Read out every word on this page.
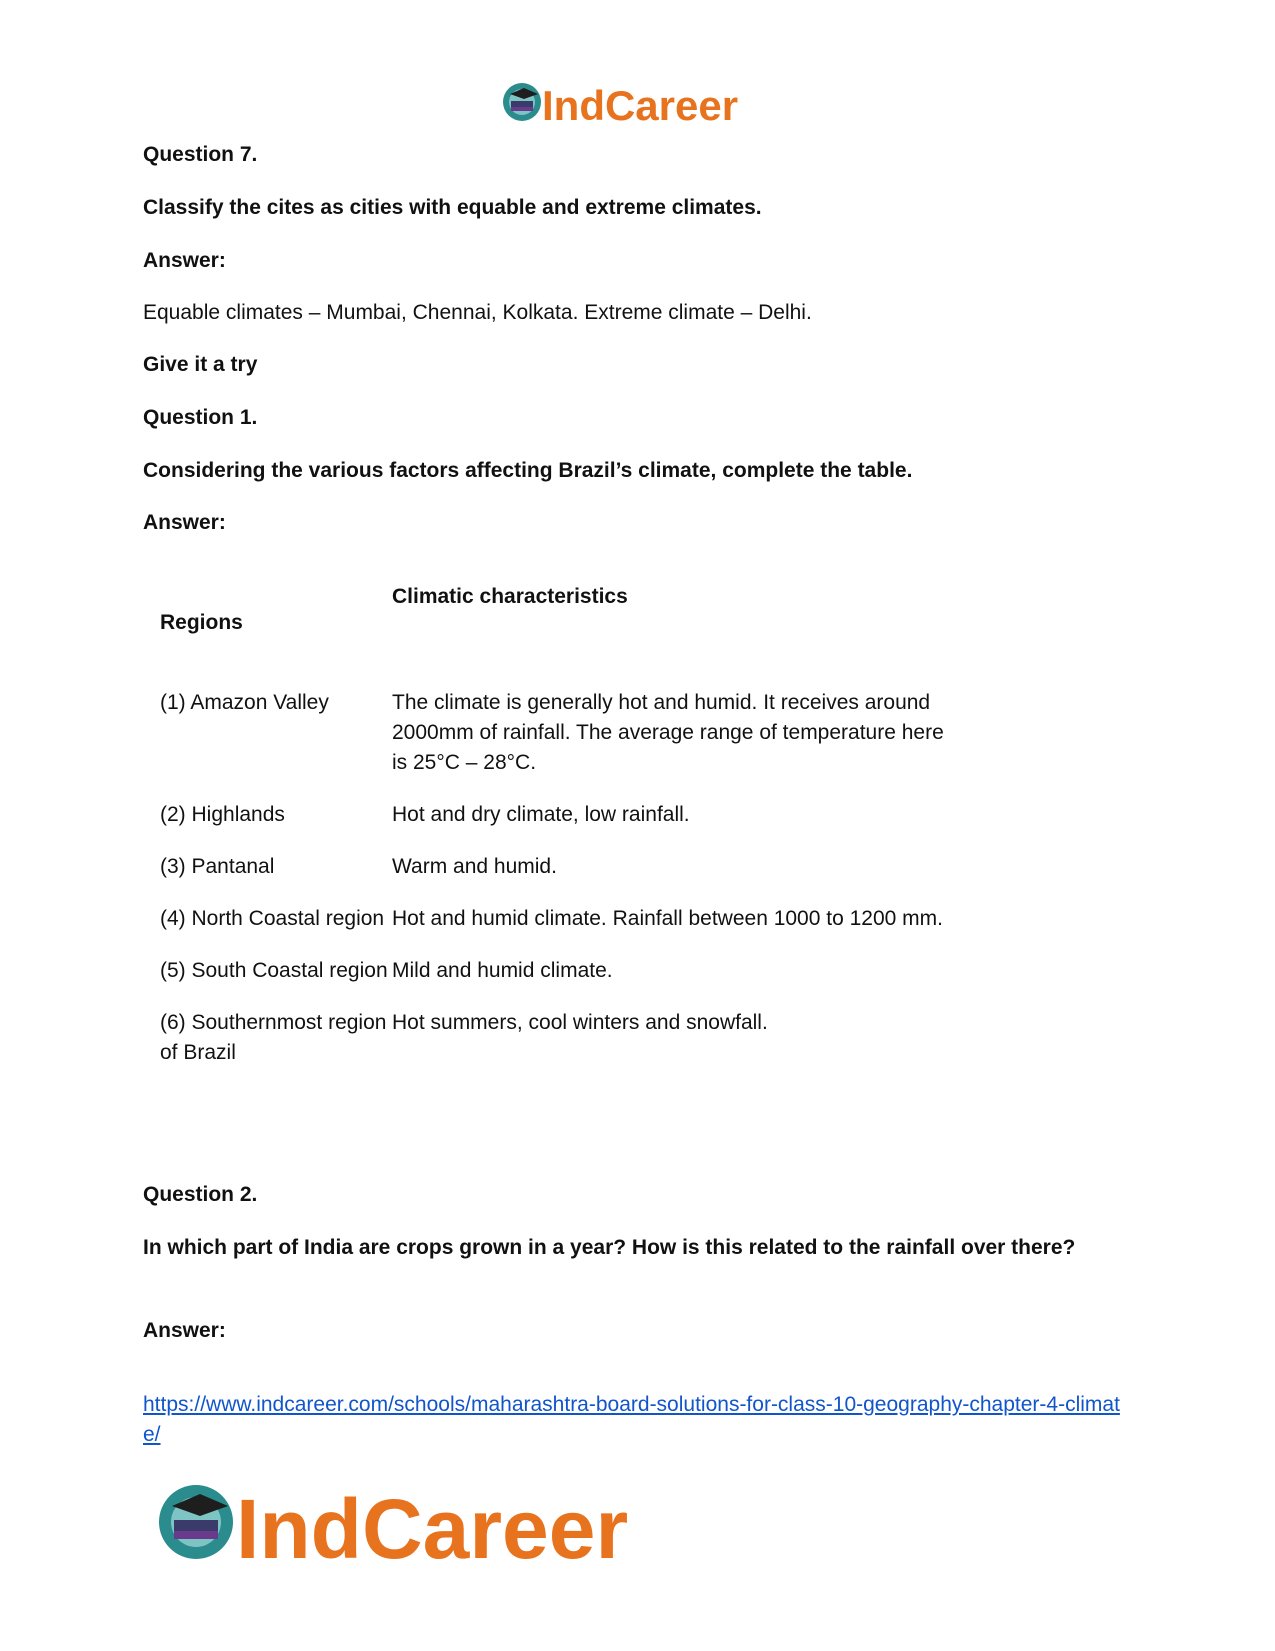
IndCareer

Question 7.

Classify the cites as cities with equable and extreme climates.

Answer:

Equable climates – Mumbai, Chennai, Kolkata. Extreme climate – Delhi.

Give it a try

Question 1.

Considering the various factors affecting Brazil’s climate, complete the table.

Answer:

Regions	Climatic characteristics
(1) Amazon Valley	The climate is generally hot and humid. It receives around 2000mm of rainfall. The average range of temperature here is 25°C – 28°C.
(2) Highlands	Hot and dry climate, low rainfall.
(3) Pantanal	Warm and humid.
(4) North Coastal region	Hot and humid climate. Rainfall between 1000 to 1200 mm.
(5) South Coastal region	Mild and humid climate.
(6) Southernmost region of Brazil	Hot summers, cool winters and snowfall.

Question 2.

In which part of India are crops grown in a year? How is this related to the rainfall over there?

Answer:

https://www.indcareer.com/schools/maharashtra-board-solutions-for-class-10-geography-chapter-4-climate/
IndCareer
